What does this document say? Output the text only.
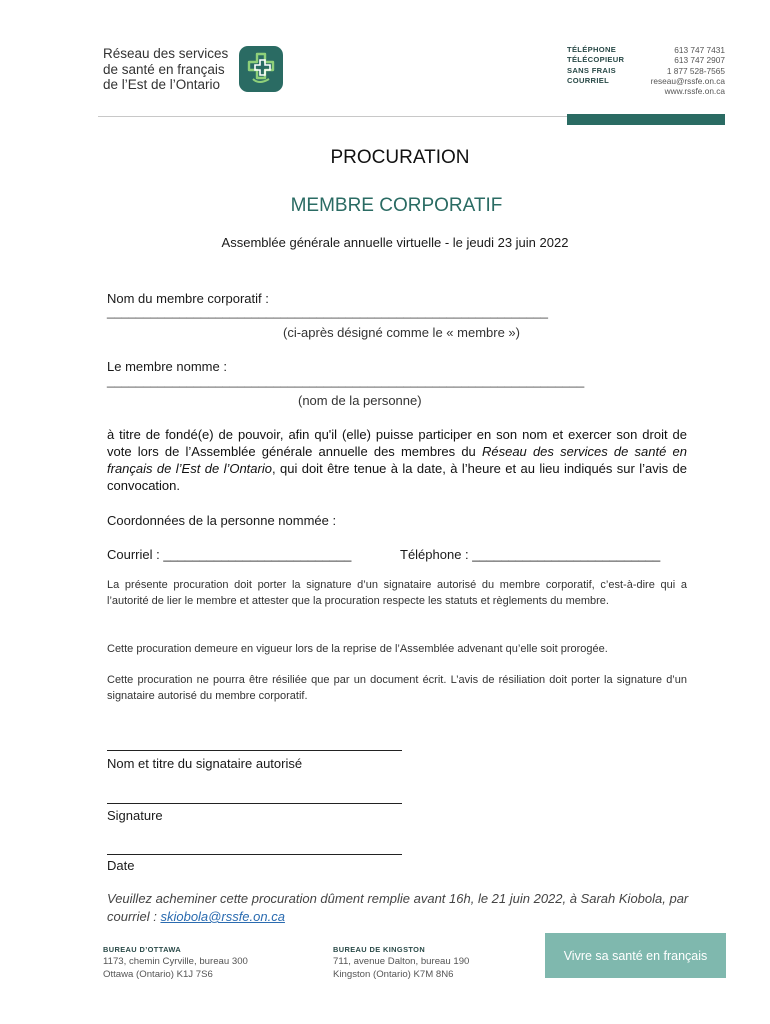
Réseau des services
de santé en français
de l’Est de l’Ontario
TÉLÉPHONE
TÉLÉCOPIEUR
SANS FRAIS
COURRIEL
613 747 7431
613 747 2907
1 877 528-7565
reseau@rssfe.on.ca
www.rssfe.on.ca
PROCURATION
MEMBRE CORPORATIF
Assemblée générale annuelle virtuelle - le jeudi 23 juin 2022
Nom du membre corporatif :
_____________________________________________________________
(ci-après désigné comme le « membre »)
Le membre nomme :
__________________________________________________________________
(nom de la personne)
à titre de fondé(e) de pouvoir, afin qu'il (elle) puisse participer en son nom et exercer son droit de vote lors de l’Assemblée générale annuelle des membres du Réseau des services de santé en français de l’Est de l’Ontario, qui doit être tenue à la date, à l’heure et au lieu indiqués sur l’avis de convocation.
Coordonnées de la personne nommée :
Courriel : __________________________	Téléphone : __________________________
La présente procuration doit porter la signature d’un signataire autorisé du membre corporatif, c’est-à-dire qui a l’autorité de lier le membre et attester que la procuration respecte les statuts et règlements du membre.
Cette procuration demeure en vigueur lors de la reprise de l’Assemblée advenant qu’elle soit prorogée.
Cette procuration ne pourra être résiliée que par un document écrit. L’avis de résiliation doit porter la signature d’un signataire autorisé du membre corporatif.
Nom et titre du signataire autorisé
Signature
Date
Veuillez acheminer cette procuration dûment remplie avant 16h, le 21 juin 2022, à Sarah Kiobola, par courriel : skiobola@rssfe.on.ca
BUREAU D’OTTAWA
1173, chemin Cyrville, bureau 300
Ottawa (Ontario) K1J 7S6
BUREAU DE KINGSTON
711, avenue Dalton, bureau 190
Kingston (Ontario) K7M 8N6
Vivre sa santé en français
